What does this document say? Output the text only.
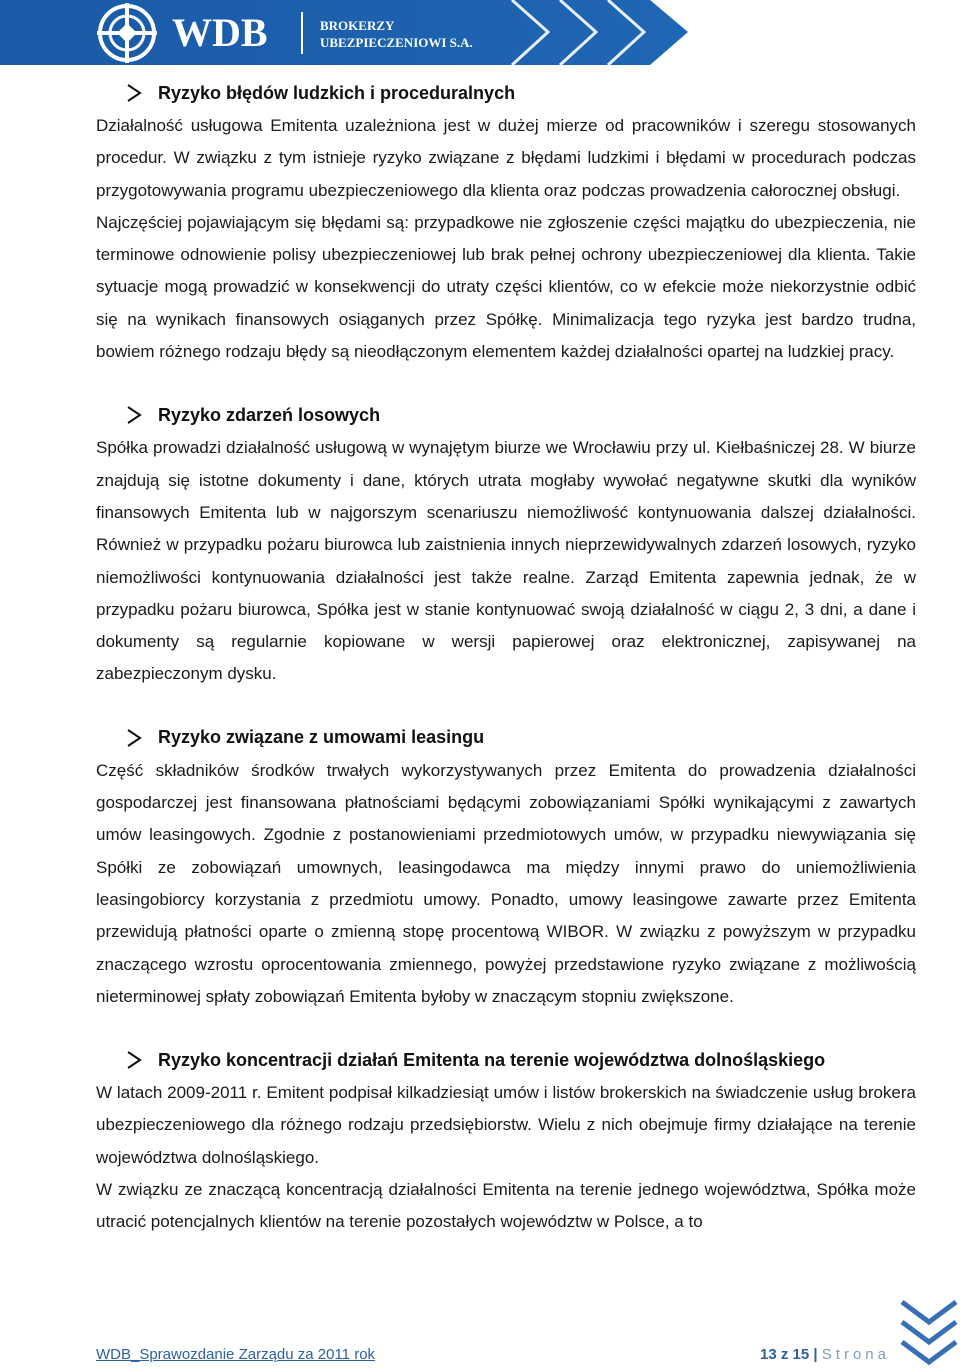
WDB	BROKERZY
UBEZPIECZENIOWI S.A.
Ryzyko błędów ludzkich i proceduralnych

Działalność usługowa Emitenta uzależniona jest w dużej mierze od pracowników i szeregu stosowanych procedur. W związku z tym istnieje ryzyko związane z błędami ludzkimi i błędami w procedurach podczas przygotowywania programu ubezpieczeniowego dla klienta oraz podczas prowadzenia całorocznej obsługi.

Najczęściej pojawiającym się błędami są: przypadkowe nie zgłoszenie części majątku do ubezpieczenia, nie terminowe odnowienie polisy ubezpieczeniowej lub brak pełnej ochrony ubezpieczeniowej dla klienta. Takie sytuacje mogą prowadzić w konsekwencji do utraty części klientów, co w efekcie może niekorzystnie odbić się na wynikach finansowych osiąganych przez Spółkę. Minimalizacja tego ryzyka jest bardzo trudna, bowiem różnego rodzaju błędy są nieodłączonym elementem każdej działalności opartej na ludzkiej pracy.

Ryzyko zdarzeń losowych

Spółka prowadzi działalność usługową w wynajętym biurze we Wrocławiu przy ul. Kiełbaśniczej 28. W biurze znajdują się istotne dokumenty i dane, których utrata mogłaby wywołać negatywne skutki dla wyników finansowych Emitenta lub w najgorszym scenariuszu niemożliwość kontynuowania dalszej działalności. Również w przypadku pożaru biurowca lub zaistnienia innych nieprzewidywalnych zdarzeń losowych, ryzyko niemożliwości kontynuowania działalności jest także realne. Zarząd Emitenta zapewnia jednak, że w przypadku pożaru biurowca, Spółka jest w stanie kontynuować swoją działalność w ciągu 2, 3 dni, a dane i dokumenty są regularnie kopiowane w wersji papierowej oraz elektronicznej, zapisywanej na zabezpieczonym dysku.

Ryzyko związane z umowami leasingu

Część składników środków trwałych wykorzystywanych przez Emitenta do prowadzenia działalności gospodarczej jest finansowana płatnościami będącymi zobowiązaniami Spółki wynikającymi z zawartych umów leasingowych. Zgodnie z postanowieniami przedmiotowych umów, w przypadku niewywiązania się Spółki ze zobowiązań umownych, leasingodawca ma między innymi prawo do uniemożliwienia leasingobiorcy korzystania z przedmiotu umowy. Ponadto, umowy leasingowe zawarte przez Emitenta przewidują płatności oparte o zmienną stopę procentową WIBOR. W związku z powyższym w przypadku znaczącego wzrostu oprocentowania zmiennego, powyżej przedstawione ryzyko związane z możliwością nieterminowej spłaty zobowiązań Emitenta byłoby w znaczącym stopniu zwiększone.

Ryzyko koncentracji działań Emitenta na terenie województwa dolnośląskiego

W latach 2009-2011 r. Emitent podpisał kilkadziesiąt umów i listów brokerskich na świadczenie usług brokera ubezpieczeniowego dla różnego rodzaju przedsiębiorstw. Wielu z nich obejmuje firmy działające na terenie województwa dolnośląskiego.

W związku ze znaczącą koncentracją działalności Emitenta na terenie jednego województwa, Spółka może utracić potencjalnych klientów na terenie pozostałych województw w Polsce, a to

WDB_Sprawozdanie Zarządu za 2011 rok	13 z 15 | Strona
